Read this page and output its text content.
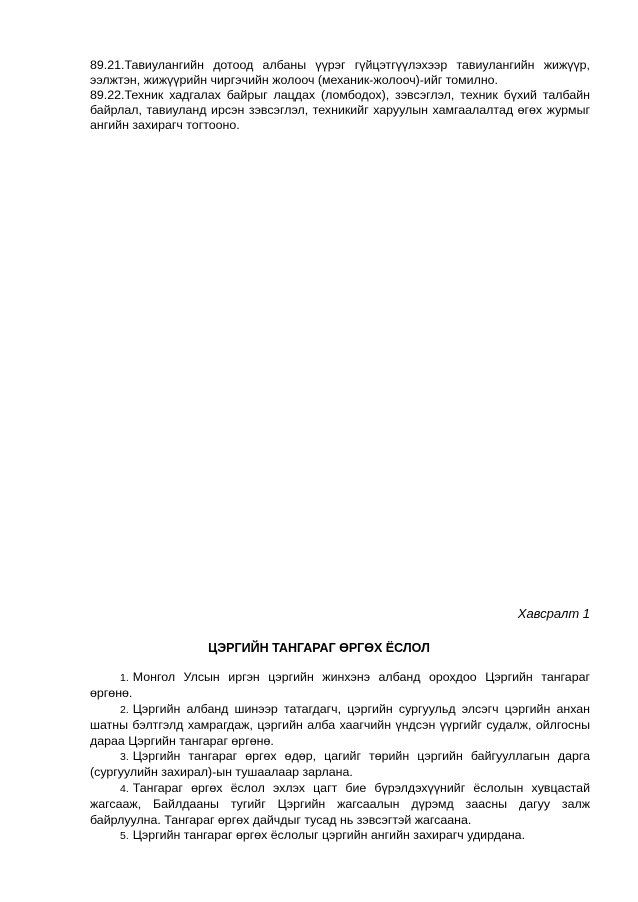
89.21.Тавиулангийн дотоод албаны үүрэг гүйцэтгүүлэхээр тавиулангийн жижүүр, ээлжтэн, жижүүрийн чиргэчийн жолооч (механик-жолооч)-ийг томилно.

89.22.Техник хадгалах байрыг лацдах (ломбодох), зэвсэглэл, техник бүхий талбайн байрлал, тавиуланд ирсэн зэвсэглэл, техникийг харуулын хамгаалалтад өгөх журмыг ангийн захирагч тогтооно.

Хавсралт 1

ЦЭРГИЙН ТАНГАРАГ ӨРГӨХ ЁСЛОЛ

1. Монгол Улсын иргэн цэргийн жинхэнэ албанд орохдоо Цэргийн тангараг өргөнө.

2. Цэргийн албанд шинээр татагдагч, цэргийн сургуульд элсэгч цэргийн анхан шатны бэлтгэлд хамрагдаж, цэргийн алба хаагчийн үндсэн үүргийг судалж, ойлгосны дараа Цэргийн тангараг өргөнө.

3. Цэргийн тангараг өргөх өдөр, цагийг төрийн цэргийн байгууллагын дарга (сургуулийн захирал)-ын тушаалаар зарлана.

4. Тангараг өргөх ёслол эхлэх цагт бие бүрэлдэхүүнийг ёслолын хувцастай жагсааж, Байлдааны тугийг Цэргийн жагсаалын дүрэмд заасны дагуу залж байрлуулна. Тангараг өргөх дайчдыг тусад нь зэвсэгтэй жагсаана.

5. Цэргийн тангараг өргөх ёслолыг цэргийн ангийн захирагч удирдана.
